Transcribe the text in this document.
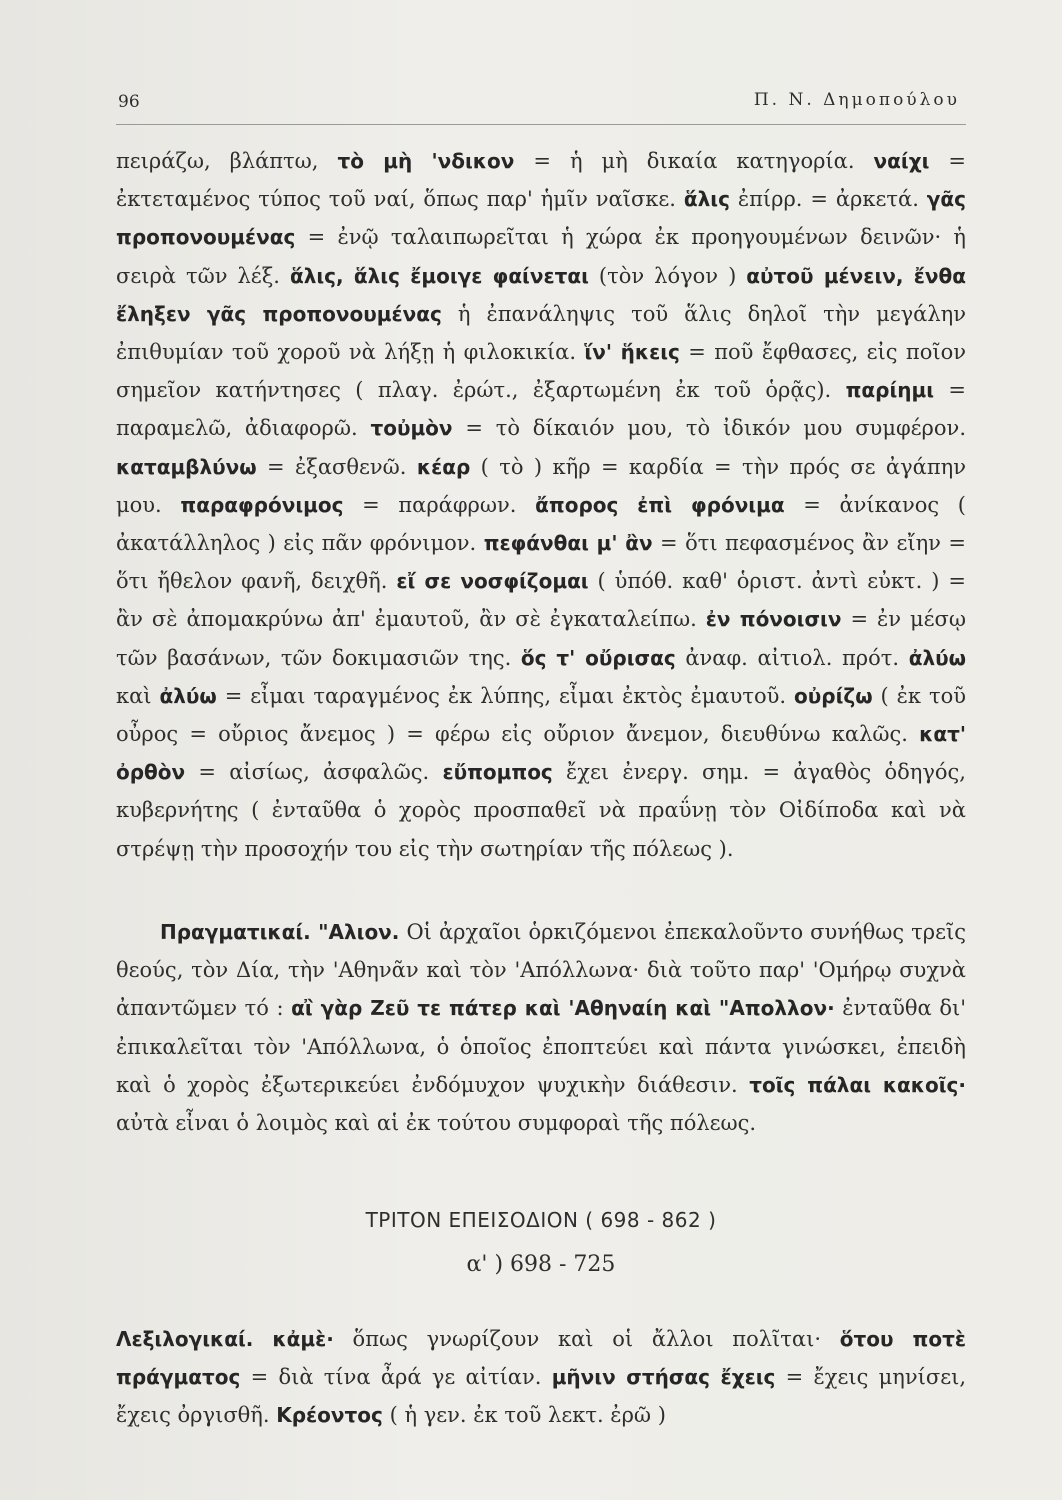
96	Π. Ν. Δημοπούλου

πειράζω, βλάπτω, τὸ μὴ 'νδικον = ἡ μὴ δικαία κατηγορία. ναίχι = ἐκτεταμένος τύπος τοῦ ναί, ὅπως παρ' ἡμῖν ναῖσκε. ἅλις ἐπίρρ. = ἀρκετά. γᾶς προπονουμένας = ἐνῷ ταλαιπωρεῖται ἡ χώρα ἐκ προηγουμένων δεινῶν· ἡ σειρὰ τῶν λέξ. ἅλις, ἅλις ἔμοιγε φαίνεται (τὸν λόγον ) αὐτοῦ μένειν, ἔνθα ἔληξεν γᾶς προπονουμένας ἡ ἐπανάληψις τοῦ ἅλις δηλοῖ τὴν μεγάλην ἐπιθυμίαν τοῦ χοροῦ νὰ λήξῃ ἡ φιλοκικία. ἵν' ἥκεις = ποῦ ἔφθασες, εἰς ποῖον σημεῖον κατήντησες ( πλαγ. ἐρώτ., ἐξαρτωμένη ἐκ τοῦ ὁρᾷς). παρίημι = παραμελῶ, ἀδιαφορῶ. τοὐμὸν = τὸ δίκαιόν μου, τὸ ἰδικόν μου συμφέρον. καταμβλύνω = ἐξασθενῶ. κέαρ ( τὸ ) κῆρ = καρδία = τὴν πρός σε ἀγάπην μου. παραφρόνιμος = παράφρων. ἄπορος ἐπὶ φρόνιμα = ἀνίκανος ( ἀκατάλληλος ) εἰς πᾶν φρόνιμον. πεφάνθαι μ' ἂν = ὅτι πεφασμένος ἂν εἴην = ὅτι ἤθελον φανῆ, δειχθῆ. εἴ σε νοσφίζομαι ( ὑπόθ. καθ' ὁριστ. ἀντὶ εὐκτ. ) = ἂν σὲ ἀπομακρύνω ἀπ' ἐμαυτοῦ, ἂν σὲ ἐγκαταλείπω. ἐν πόνοισιν = ἐν μέσῳ τῶν βασάνων, τῶν δοκιμασιῶν της. ὅς τ' οὔρισας ἀναφ. αἰτιολ. πρότ. ἀλύω καὶ ἀλύω = εἶμαι ταραγμένος ἐκ λύπης, εἶμαι ἐκτὸς ἐμαυτοῦ. οὐρίζω ( ἐκ τοῦ οὖρος = οὔριος ἄνεμος ) = φέρω εἰς οὔριον ἄνεμον, διευθύνω καλῶς. κατ' ὀρθὸν = αἰσίως, ἀσφαλῶς. εὔπομπος ἔχει ἐνεργ. σημ. = ἀγαθὸς ὁδηγός, κυβερνήτης ( ἐνταῦθα ὁ χορὸς προσπαθεῖ νὰ πραΰνῃ τὸν Οἰδίποδα καὶ νὰ στρέψῃ τὴν προσοχήν του εἰς τὴν σωτηρίαν τῆς πόλεως ).

Πραγματικαί. "Αλιον. Οἱ ἀρχαῖοι ὁρκιζόμενοι ἐπεκαλοῦντο συνήθως τρεῖς θεούς, τὸν Δία, τὴν 'Αθηνᾶν καὶ τὸν 'Απόλλωνα· διὰ τοῦτο παρ' 'Ομήρῳ συχνὰ ἀπαντῶμεν τό : αἲ γὰρ Ζεῦ τε πάτερ καὶ 'Αθηναίη καὶ "Απολλον· ἐνταῦθα δι' ἐπικαλεῖται τὸν 'Απόλλωνα, ὁ ὁποῖος ἐποπτεύει καὶ πάντα γινώσκει, ἐπειδὴ καὶ ὁ χορὸς ἐξωτερικεύει ἐνδόμυχον ψυχικὴν διάθεσιν. τοῖς πάλαι κακοῖς· αὐτὰ εἶναι ὁ λοιμὸς καὶ αἱ ἐκ τούτου συμφοραὶ τῆς πόλεως.

ΤΡΙΤΟΝ ΕΠΕΙΣΟΔΙΟΝ ( 698 - 862 )
α' ) 698 - 725

Λεξιλογικαί. κἀμὲ· ὅπως γνωρίζουν καὶ οἱ ἄλλοι πολῖται· ὅτου ποτὲ πράγματος = διὰ τίνα ἆρά γε αἰτίαν. μῆνιν στήσας ἔχεις = ἔχεις μηνίσει, ἔχεις ὀργισθῆ. Κρέοντος ( ἡ γεν. ἐκ τοῦ λεκτ. ἐρῶ )
